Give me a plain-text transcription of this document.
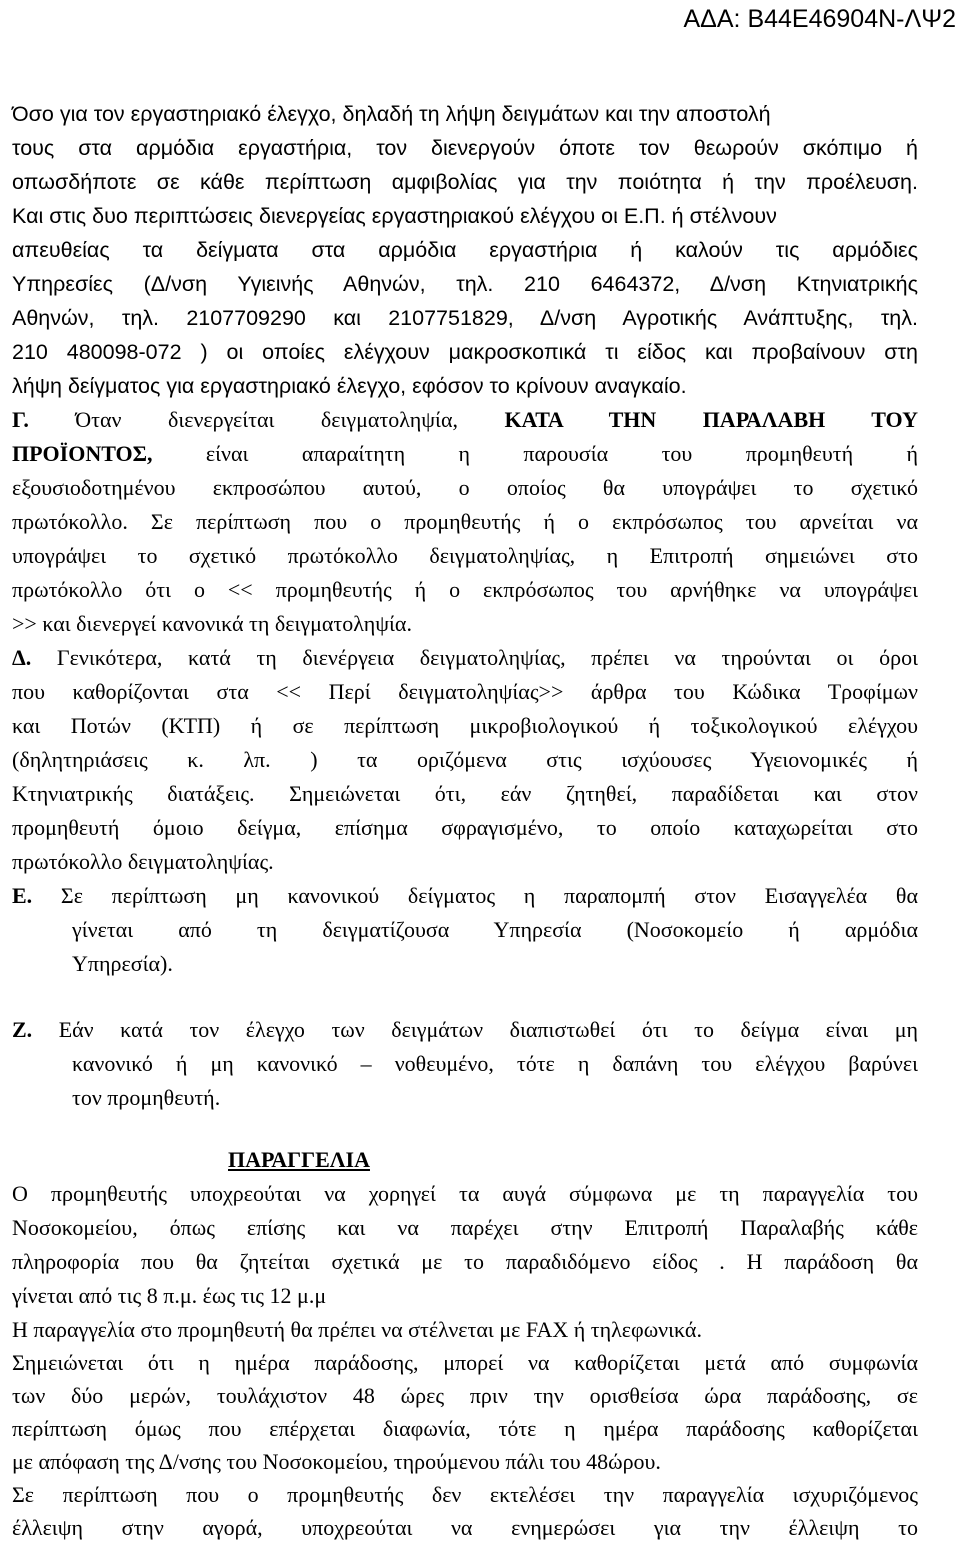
ΑΔΑ: Β44Ε46904Ν-ΛΨ2
Όσο για τον εργαστηριακό έλεγχο, δηλαδή τη λήψη δειγμάτων και την αποστολή
τους στα αρμόδια εργαστήρια, τον διενεργούν όποτε τον θεωρούν σκόπιμο ή
οπωσδήποτε σε κάθε περίπτωση αμφιβολίας για την ποιότητα ή την προέλευση.
Και στις δυο περιπτώσεις διενεργείας εργαστηριακού ελέγχου οι Ε.Π. ή στέλνουν
απευθείας τα δείγματα στα αρμόδια εργαστήρια ή καλούν τις αρμόδιες
Υπηρεσίες (Δ/νση Υγιεινής Αθηνών, τηλ. 210 6464372, Δ/νση Κτηνιατρικής
Αθηνών, τηλ. 2107709290 και 2107751829, Δ/νση Αγροτικής Ανάπτυξης, τηλ.
210 480098-072 ) οι οποίες ελέγχουν μακροσκοπικά τι είδος και προβαίνουν στη
λήψη δείγματος για εργαστηριακό έλεγχο, εφόσον το κρίνουν αναγκαίο.
Γ. Όταν διενεργείται δειγματοληψία, ΚΑΤΑ ΤΗΝ ΠΑΡΑΛΑΒΗ ΤΟΥ
ΠΡΟΪΟΝΤΟΣ, είναι απαραίτητη η παρουσία του προμηθευτή ή
εξουσιοδοτημένου εκπροσώπου αυτού, ο οποίος θα υπογράψει το σχετικό
πρωτόκολλο. Σε περίπτωση που ο προμηθευτής ή ο εκπρόσωπος του αρνείται να
υπογράψει το σχετικό πρωτόκολλο δειγματοληψίας, η Επιτροπή σημειώνει στο
πρωτόκολλο ότι ο << προμηθευτής ή ο εκπρόσωπος του αρνήθηκε να υπογράψει
>> και διενεργεί κανονικά τη δειγματοληψία.
Δ. Γενικότερα, κατά τη διενέργεια δειγματοληψίας, πρέπει να τηρούνται οι όροι
που καθορίζονται στα << Περί δειγματοληψίας>> άρθρα του Κώδικα Τροφίμων
και Ποτών (ΚΤΠ) ή σε περίπτωση μικροβιολογικού ή τοξικολογικού ελέγχου
(δηλητηριάσεις κ. λπ. ) τα οριζόμενα στις ισχύουσες Υγειονομικές ή
Κτηνιατρικής διατάξεις. Σημειώνεται ότι, εάν ζητηθεί, παραδίδεται και στον
προμηθευτή όμοιο δείγμα, επίσημα σφραγισμένο, το οποίο καταχωρείται στο
πρωτόκολλο δειγματοληψίας.
Ε. Σε περίπτωση μη κανονικού δείγματος η παραπομπή στον Εισαγγελέα θα
γίνεται από τη δειγματίζουσα Υπηρεσία (Νοσοκομείο ή αρμόδια
Υπηρεσία).
Ζ. Εάν κατά τον έλεγχο των δειγμάτων διαπιστωθεί ότι το δείγμα είναι μη
κανονικό ή μη κανονικό – νοθευμένο, τότε η δαπάνη του ελέγχου βαρύνει
τον προμηθευτή.
ΠΑΡΑΓΓΕΛΙΑ
Ο προμηθευτής υποχρεούται να χορηγεί τα αυγά σύμφωνα με τη παραγγελία του
Νοσοκομείου, όπως επίσης και να παρέχει στην Επιτροπή Παραλαβής κάθε
πληροφορία που θα ζητείται σχετικά με το παραδιδόμενο είδος . Η παράδοση θα
γίνεται από τις 8 π.μ. έως τις 12 μ.μ
Η παραγγελία στο προμηθευτή θα πρέπει να στέλνεται με FAX ή τηλεφωνικά.
Σημειώνεται ότι η ημέρα παράδοσης, μπορεί να καθορίζεται μετά από συμφωνία
των δύο μερών, τουλάχιστον 48 ώρες πριν την ορισθείσα ώρα παράδοσης, σε
περίπτωση όμως που επέρχεται διαφωνία, τότε η ημέρα παράδοσης καθορίζεται
με απόφαση της Δ/νσης του Νοσοκομείου, τηρούμενου πάλι του 48ώρου.
Σε περίπτωση που ο προμηθευτής δεν εκτελέσει την παραγγελία ισχυριζόμενος
έλλειψη στην αγορά, υποχρεούται να ενημερώσει για την έλλειψη το
